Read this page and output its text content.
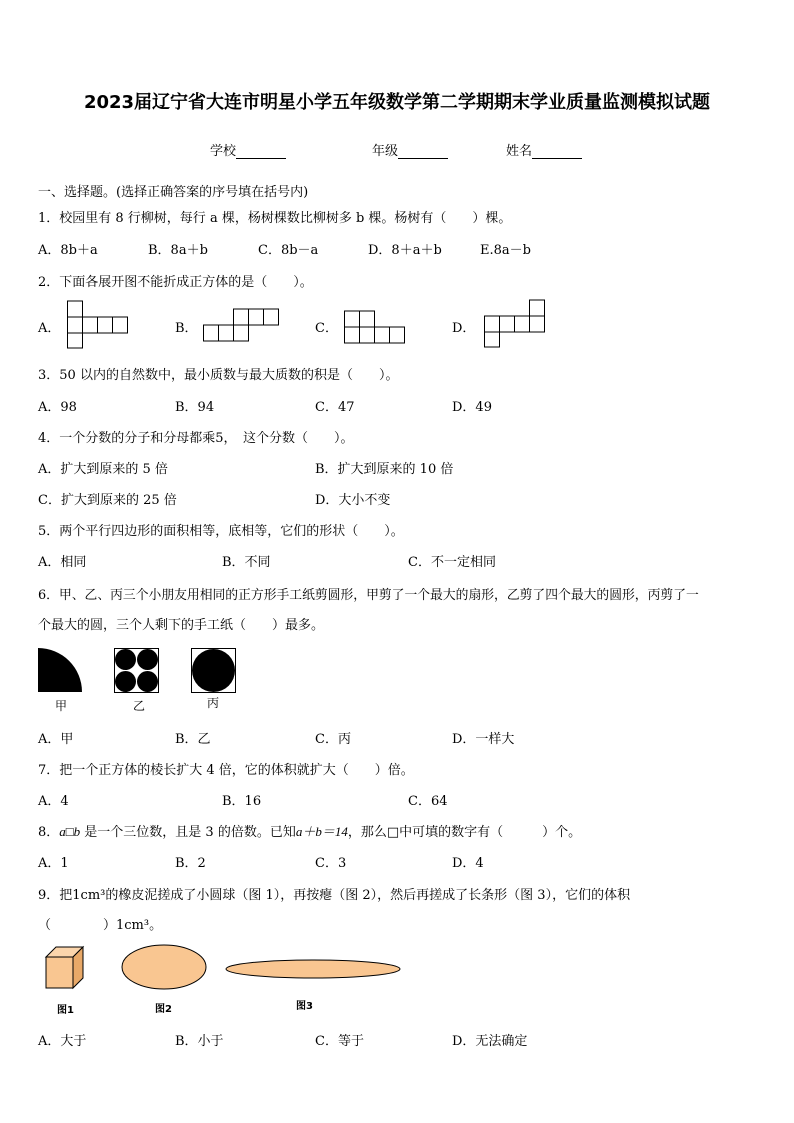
2023届辽宁省大连市明星小学五年级数学第二学期期末学业质量监测模拟试题
学校	年级	姓名
一、选择题。(选择正确答案的序号填在括号内)
1．校园里有 8 行柳树，每行 a 棵，杨树棵数比柳树多 b 棵。杨树有（　　）棵。
A．8b＋a	B．8a＋b	C．8b－a	D．8＋a＋b	E.8a－b
2．下面各展开图不能折成正方体的是（　　）。
A．	B．	C．	D．
3．50 以内的自然数中，最小质数与最大质数的积是（　　）。
A．98	B．94	C．47	D．49
4．一个分数的分子和分母都乘5，　这个分数（　　）。
A．扩大到原来的 5 倍	B．扩大到原来的 10 倍
C．扩大到原来的 25 倍	D．大小不变
5．两个平行四边形的面积相等，底相等，它们的形状（　　）。
A．相同	B．不同	C．不一定相同
6．甲、乙、丙三个小朋友用相同的正方形手工纸剪圆形，甲剪了一个最大的扇形，乙剪了四个最大的圆形，丙剪了一
个最大的圆，三个人剩下的手工纸（　　）最多。
甲	乙	丙
A．甲	B．乙	C．丙	D．一样大
7．把一个正方体的棱长扩大 4 倍，它的体积就扩大（　　）倍。
A．4	B．16	C．64
8．a□b 是一个三位数，且是 3 的倍数。已知a＋b＝14，那么□中可填的数字有（　　　）个。
A．1	B．2	C．3	D．4
9．把1cm³的橡皮泥搓成了小圆球（图 1），再按瘪（图 2），然后再搓成了长条形（图 3），它们的体积
（　　　　）1cm³。
图1	图2	图3
A．大于	B．小于	C．等于	D．无法确定
